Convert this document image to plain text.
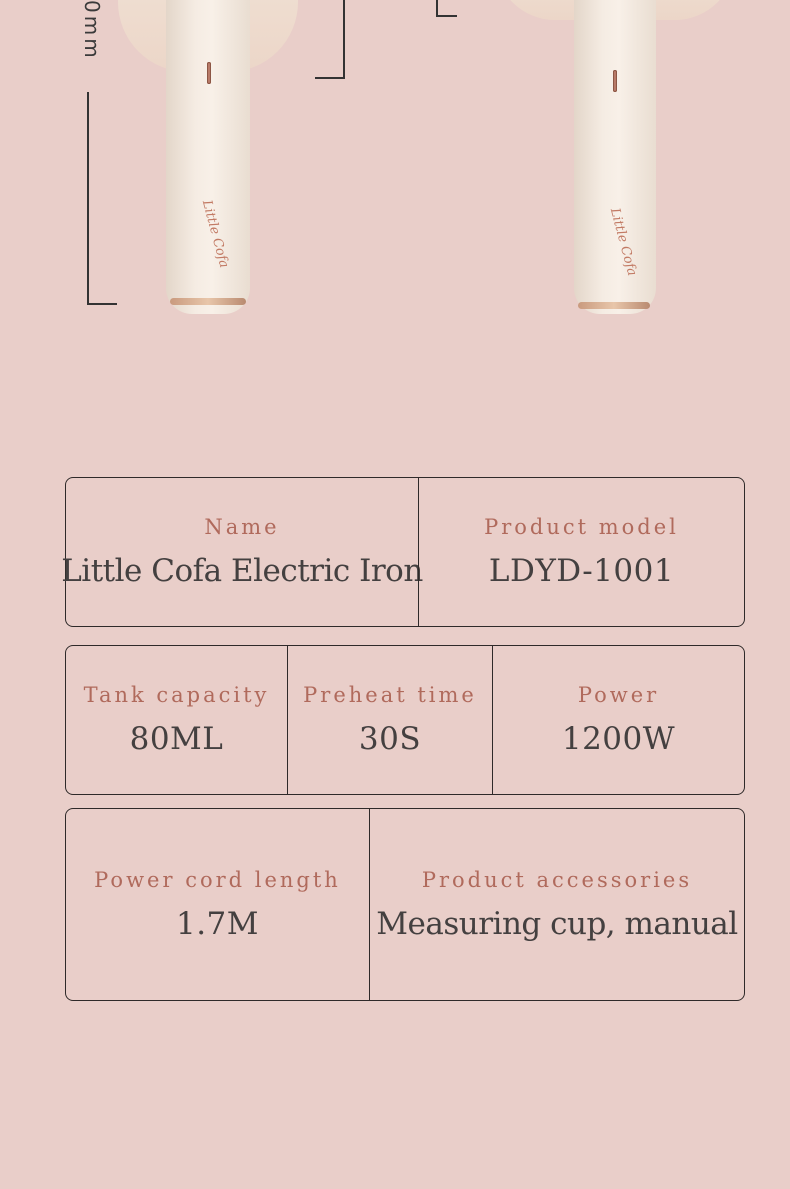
0mm
Little Cofa	Little Cofa
Name
Little Cofa Electric Iron
Product model
LDYD-1001
Tank capacity
80ML
Preheat time
30S
Power
1200W
Power cord length
1.7M
Product accessories
Measuring cup, manual
